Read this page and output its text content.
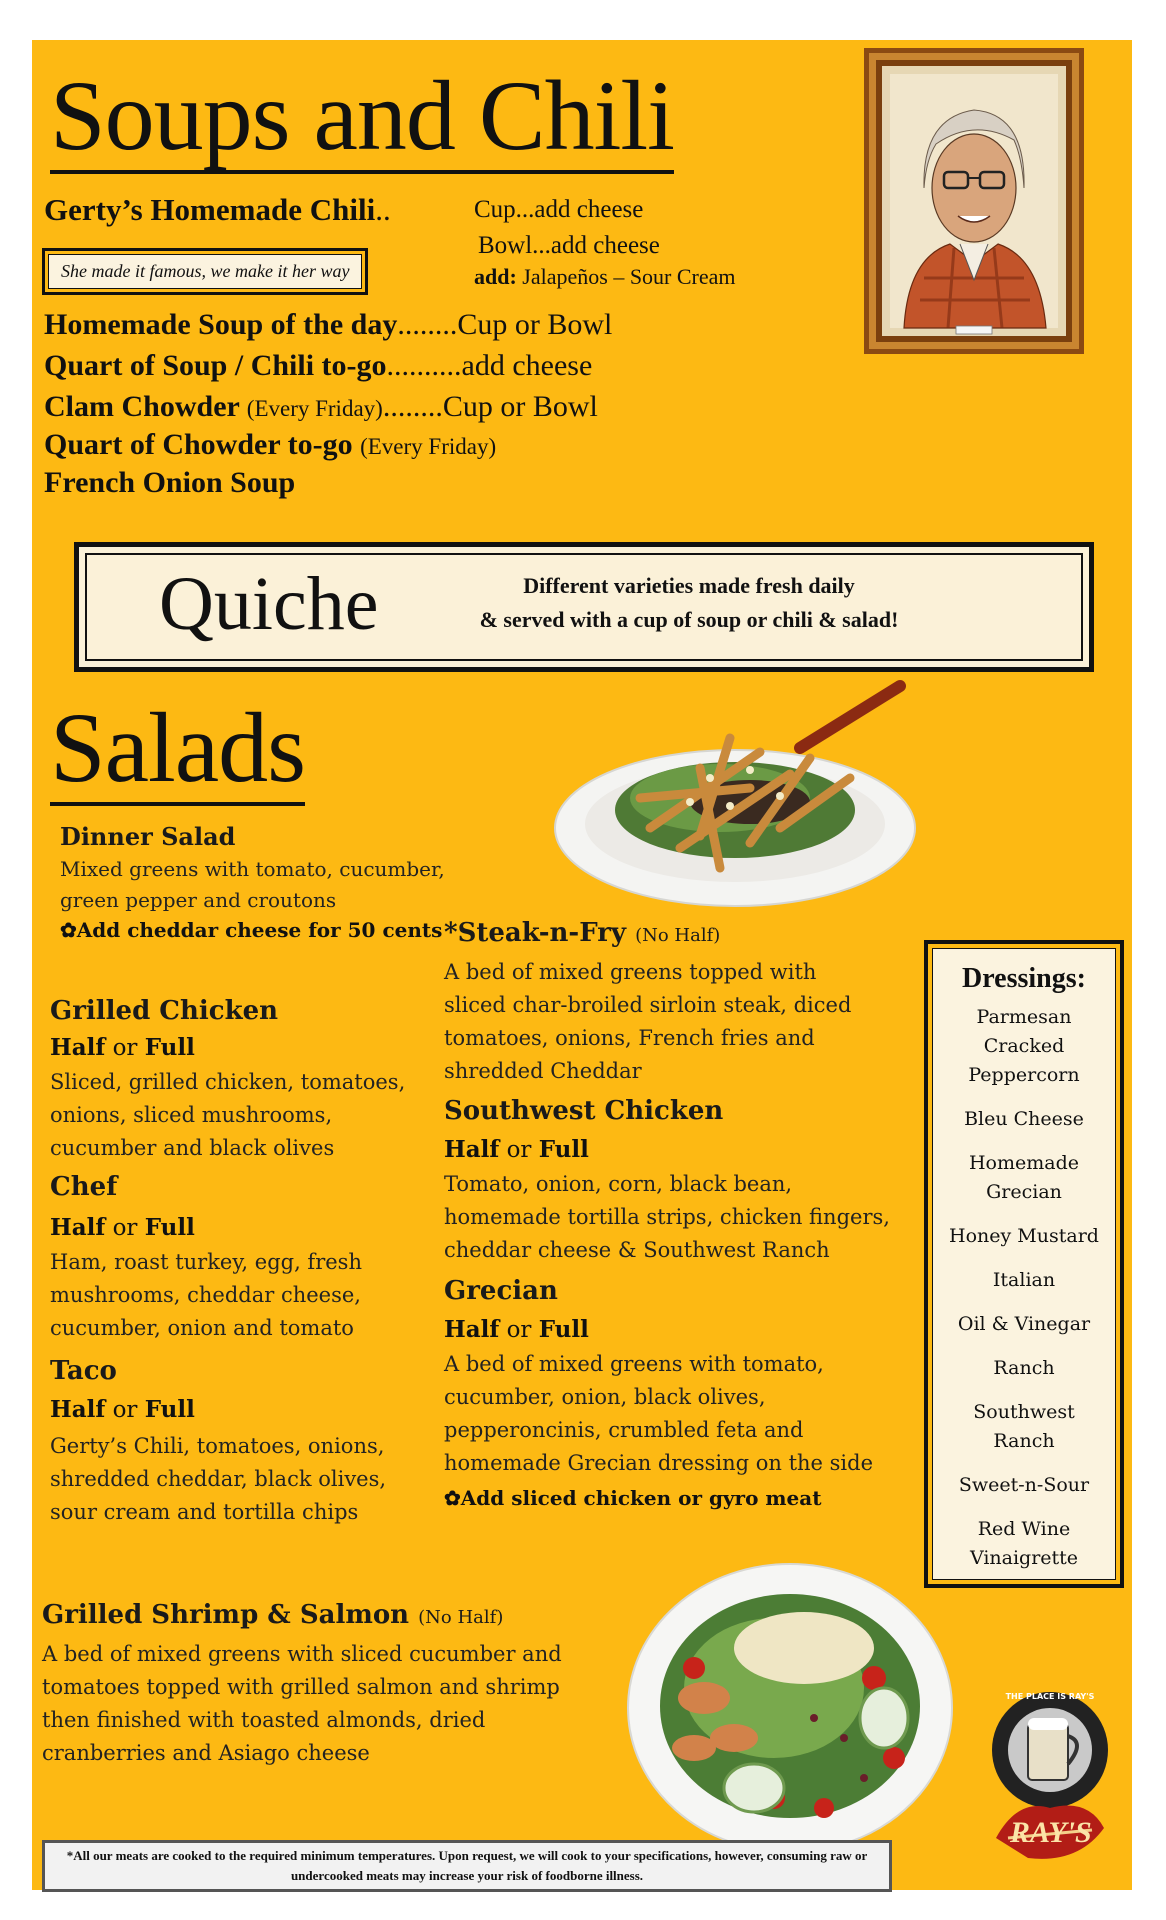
Soups and Chili
Gerty’s Homemade Chili..	Cup...add cheese
Bowl...add cheese
add: Jalapeños – Sour Cream
She made it famous, we make it her way
Homemade Soup of the day........Cup or Bowl
Quart of Soup / Chili to-go..........add cheese
Clam Chowder (Every Friday)........Cup or Bowl
Quart of Chowder to-go (Every Friday)
French Onion Soup
Quiche	Different varieties made fresh daily
& served with a cup of soup or chili & salad!
Salads
Dinner Salad
Mixed greens with tomato, cucumber, green pepper and croutons
✿Add cheddar cheese for 50 cents
Grilled Chicken
Half or Full
Sliced, grilled chicken, tomatoes, onions, sliced mushrooms, cucumber and black olives
Chef
Half or Full
Ham, roast turkey, egg, fresh mushrooms, cheddar cheese, cucumber, onion and tomato
Taco
Half or Full
Gerty’s Chili, tomatoes, onions, shredded cheddar, black olives, sour cream and tortilla chips
*Steak-n-Fry (No Half)
A bed of mixed greens topped with sliced char-broiled sirloin steak, diced tomatoes, onions, French fries and shredded Cheddar
Southwest Chicken
Half or Full
Tomato, onion, corn, black bean, homemade tortilla strips, chicken fingers, cheddar cheese & Southwest Ranch
Grecian
Half or Full
A bed of mixed greens with tomato, cucumber, onion, black olives, pepperoncinis, crumbled feta and homemade Grecian dressing on the side
✿Add sliced chicken or gyro meat
Dressings:
Parmesan Cracked Peppercorn
Bleu Cheese
Homemade Grecian
Honey Mustard
Italian
Oil & Vinegar
Ranch
Southwest Ranch
Sweet-n-Sour
Red Wine Vinaigrette
Grilled Shrimp & Salmon (No Half)
A bed of mixed greens with sliced cucumber and tomatoes topped with grilled salmon and shrimp then finished with toasted almonds, dried cranberries and Asiago cheese
THE PLACE IS RAY'S
RAY'S
*All our meats are cooked to the required minimum temperatures. Upon request, we will cook to your specifications, however, consuming raw or undercooked meats may increase your risk of foodborne illness.
